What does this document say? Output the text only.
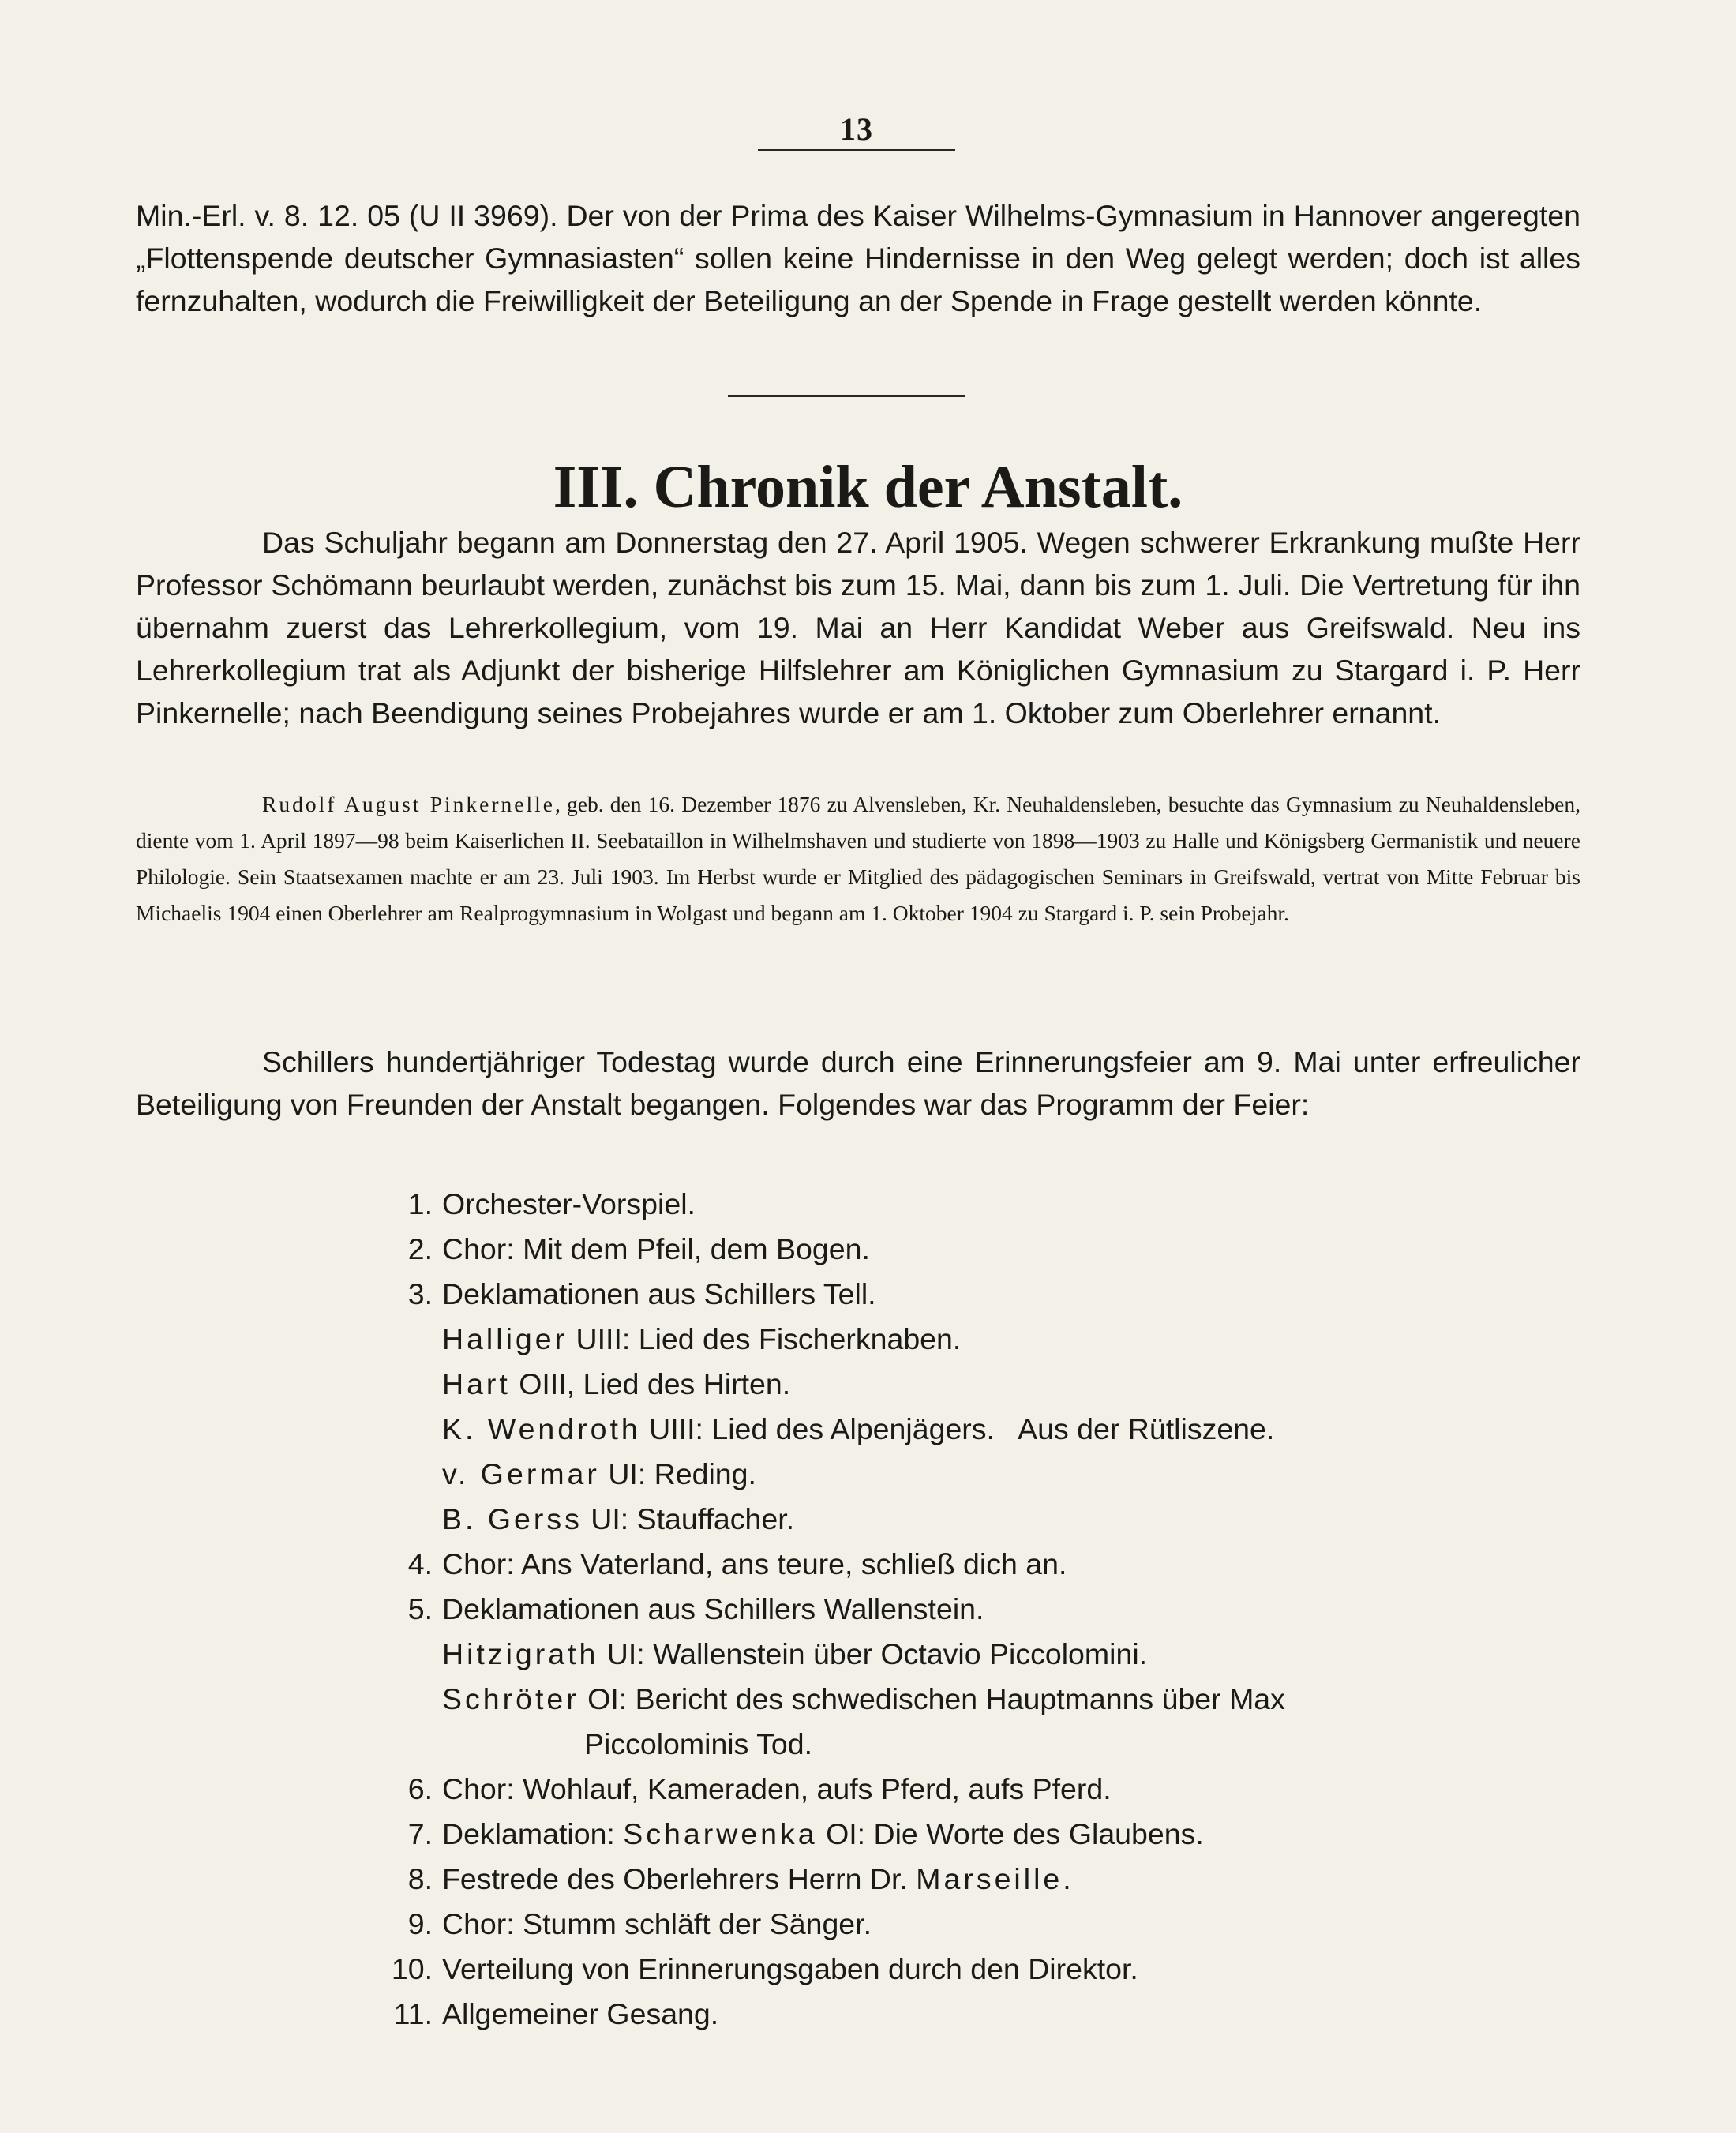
13
Min.-Erl. v. 8. 12. 05 (U II 3969). Der von der Prima des Kaiser Wilhelms-Gymnasium in Hannover angeregten „Flottenspende deutscher Gymnasiasten“ sollen keine Hindernisse in den Weg gelegt werden; doch ist alles fernzuhalten, wodurch die Freiwilligkeit der Beteiligung an der Spende in Frage gestellt werden könnte.
III. Chronik der Anstalt.
Das Schuljahr begann am Donnerstag den 27. April 1905. Wegen schwerer Erkrankung mußte Herr Professor Schömann beurlaubt werden, zunächst bis zum 15. Mai, dann bis zum 1. Juli. Die Vertretung für ihn übernahm zuerst das Lehrerkollegium, vom 19. Mai an Herr Kandidat Weber aus Greifswald. Neu ins Lehrerkollegium trat als Adjunkt der bisherige Hilfslehrer am Königlichen Gymnasium zu Stargard i. P. Herr Pinkernelle; nach Beendigung seines Probejahres wurde er am 1. Oktober zum Oberlehrer ernannt.
Rudolf August Pinkernelle, geb. den 16. Dezember 1876 zu Alvensleben, Kr. Neuhaldensleben, besuchte das Gymnasium zu Neuhaldensleben, diente vom 1. April 1897—98 beim Kaiserlichen II. Seebataillon in Wilhelmshaven und studierte von 1898—1903 zu Halle und Königsberg Germanistik und neuere Philologie. Sein Staatsexamen machte er am 23. Juli 1903. Im Herbst wurde er Mitglied des pädagogischen Seminars in Greifswald, vertrat von Mitte Februar bis Michaelis 1904 einen Oberlehrer am Realprogymnasium in Wolgast und begann am 1. Oktober 1904 zu Stargard i. P. sein Probejahr.
Schillers hundertjähriger Todestag wurde durch eine Erinnerungsfeier am 9. Mai unter erfreulicher Beteiligung von Freunden der Anstalt begangen. Folgendes war das Programm der Feier:
1. Orchester-Vorspiel.
2. Chor: Mit dem Pfeil, dem Bogen.
3. Deklamationen aus Schillers Tell.
Halliger UIII: Lied des Fischerknaben.
Hart OIII, Lied des Hirten.
K. Wendroth UIII: Lied des Alpenjägers.   Aus der Rütliszene.
v. Germar UI: Reding.
B. Gerss UI: Stauffacher.
4. Chor: Ans Vaterland, ans teure, schließ dich an.
5. Deklamationen aus Schillers Wallenstein.
Hitzigrath UI: Wallenstein über Octavio Piccolomini.
Schröter OI: Bericht des schwedischen Hauptmanns über Max
Piccolominis Tod.
6. Chor: Wohlauf, Kameraden, aufs Pferd, aufs Pferd.
7. Deklamation: Scharwenka OI: Die Worte des Glaubens.
8. Festrede des Oberlehrers Herrn Dr. Marseille.
9. Chor: Stumm schläft der Sänger.
10. Verteilung von Erinnerungsgaben durch den Direktor.
11. Allgemeiner Gesang.
